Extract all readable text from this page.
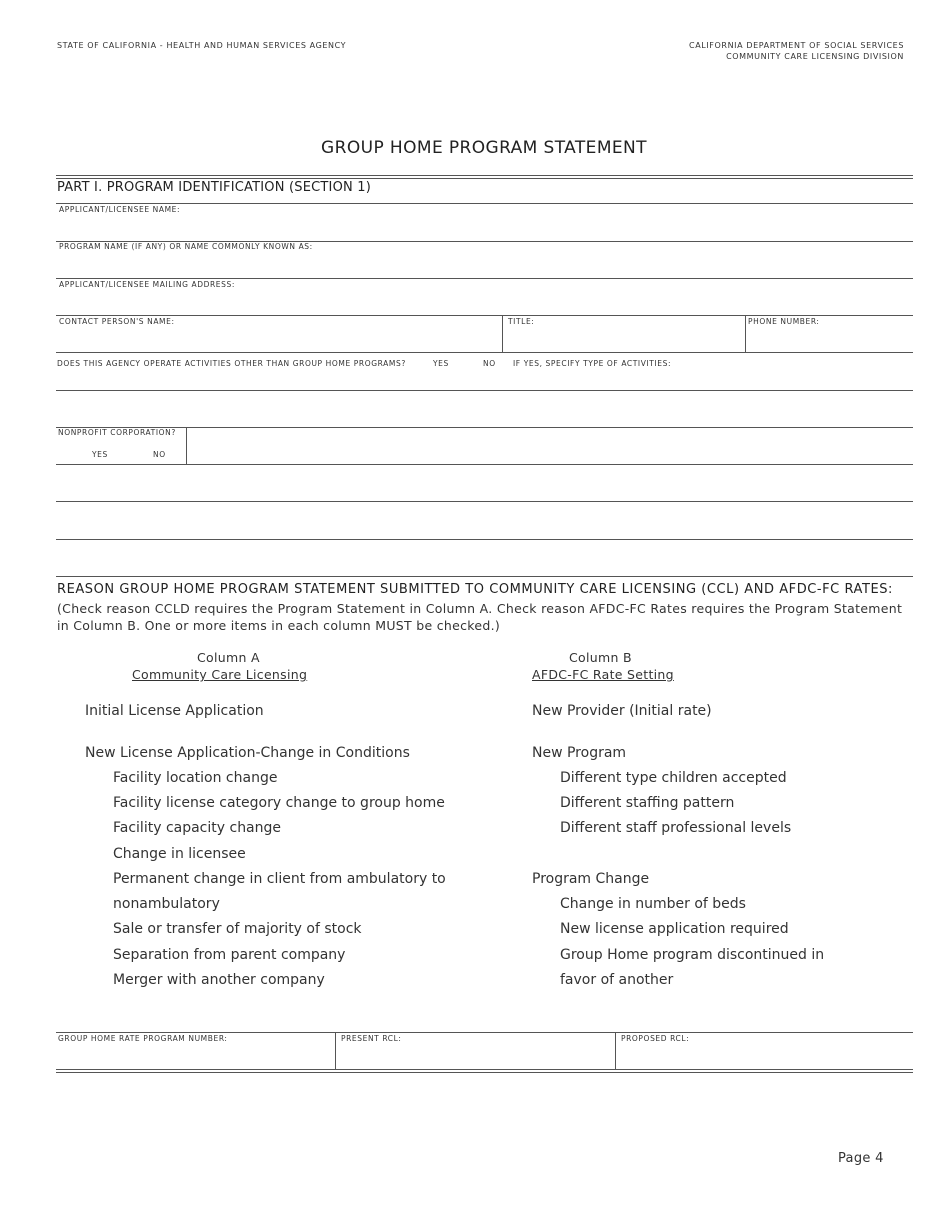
STATE OF CALIFORNIA - HEALTH AND HUMAN SERVICES AGENCY	CALIFORNIA DEPARTMENT OF SOCIAL SERVICES
COMMUNITY CARE LICENSING DIVISION
GROUP HOME PROGRAM STATEMENT
PART I. PROGRAM IDENTIFICATION (SECTION 1)
APPLICANT/LICENSEE NAME:
PROGRAM NAME (IF ANY) OR NAME COMMONLY KNOWN AS:
APPLICANT/LICENSEE MAILING ADDRESS:
CONTACT PERSON'S NAME:	TITLE:	PHONE NUMBER:
DOES THIS AGENCY OPERATE ACTIVITIES OTHER THAN GROUP HOME PROGRAMS?	YES	NO IF YES, SPECIFY TYPE OF ACTIVITIES:
NONPROFIT CORPORATION?
YES	NO
REASON GROUP HOME PROGRAM STATEMENT SUBMITTED TO COMMUNITY CARE LICENSING (CCL) AND AFDC-FC RATES:
(Check reason CCLD requires the Program Statement in Column A. Check reason AFDC-FC Rates requires the Program Statement in Column B. One or more items in each column MUST be checked.)
Column A
Community Care Licensing
Initial License Application
New License Application-Change in Conditions
Facility location change
Facility license category change to group home
Facility capacity change
Change in licensee
Permanent change in client from ambulatory to
nonambulatory
Sale or transfer of majority of stock
Separation from parent company
Merger with another company
Column B
AFDC-FC Rate Setting
New Provider (Initial rate)
New Program
Different type children accepted
Different staffing pattern
Different staff professional levels
Program Change
Change in number of beds
New license application required
Group Home program discontinued in
favor of another
GROUP HOME RATE PROGRAM NUMBER:	PRESENT RCL:	PROPOSED RCL:
Page 4
